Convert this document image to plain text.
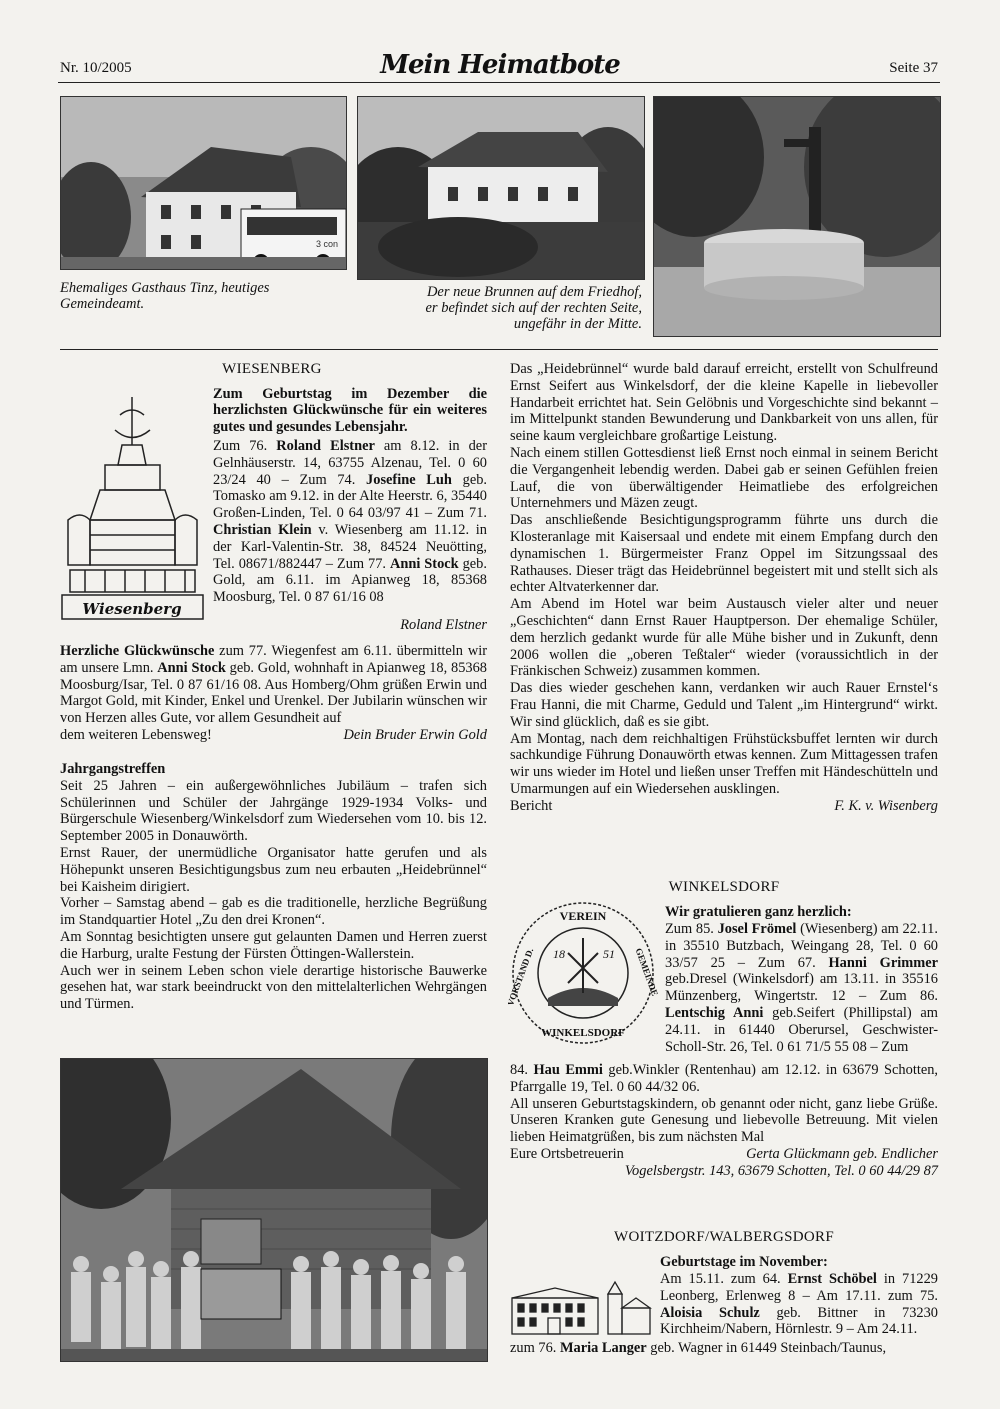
Nr. 10/2005	Mein Heimatbote	Seite 37
3 con
Ehemaliges Gasthaus Tinz, heutiges Gemeindeamt.
Der neue Brunnen auf dem Friedhof,
er befindet sich auf der rechten Seite,
ungefähr in der Mitte.
WIESENBERG
Wiesenberg
Zum Geburtstag im Dezember die herzlichsten Glückwünsche für ein weiteres gutes und gesundes Lebensjahr.
Zum 76. Roland Elstner am 8.12. in der Gelnhäuserstr. 14, 63755 Alzenau, Tel. 0 60 23/24 40 – Zum 74. Josefine Luh geb. Tomasko am 9.12. in der Alte Heerstr. 6, 35440 Großen-Linden, Tel. 0 64 03/97 41 – Zum 71. Christian Klein v. Wiesenberg am 11.12. in der Karl-Valentin-Str. 38, 84524 Neuötting, Tel. 08671/882447 – Zum 77. Anni Stock geb. Gold, am 6.11. im Apianweg 18, 85368 Moosburg, Tel. 0 87 61/16 08
Roland Elstner
Herzliche Glückwünsche zum 77. Wiegenfest am 6.11. übermitteln wir am unsere Lmn. Anni Stock geb. Gold, wohnhaft in Apianweg 18, 85368 Moosburg/Isar, Tel. 0 87 61/16 08. Aus Homberg/Ohm grüßen Erwin und Margot Gold, mit Kinder, Enkel und Urenkel. Der Jubilarin wünschen wir von Herzen alles Gute, vor allem Gesundheit auf
dem weiteren Lebensweg!	Dein Bruder Erwin Gold
Jahrgangstreffen

Seit 25 Jahren – ein außergewöhnliches Jubiläum – trafen sich Schülerinnen und Schüler der Jahrgänge 1929-1934 Volks- und Bürgerschule Wiesenberg/Winkelsdorf zum Wiedersehen vom 10. bis 12. September 2005 in Donauwörth.

Ernst Rauer, der unermüdliche Organisator hatte gerufen und als Höhepunkt unseren Besichtigungsbus zum neu erbauten „Heidebrünnel“ bei Kaisheim dirigiert.

Vorher – Samstag abend – gab es die traditionelle, herzliche Begrüßung im Standquartier Hotel „Zu den drei Kronen“.

Am Sonntag besichtigten unsere gut gelaunten Damen und Herren zuerst die Harburg, uralte Festung der Fürsten Öttingen-Wallerstein.

Auch wer in seinem Leben schon viele derartige historische Bauwerke gesehen hat, war stark beeindruckt von den mittelalterlichen Wehrgängen und Türmen.

Das „Heidebrünnel“ wurde bald darauf erreicht, erstellt von Schulfreund Ernst Seifert aus Winkelsdorf, der die kleine Kapelle in liebevoller Handarbeit errichtet hat. Sein Gelöbnis und Vorgeschichte sind bekannt – im Mittelpunkt standen Bewunderung und Dankbarkeit von uns allen, für seine kaum vergleichbare großartige Leistung.

Nach einem stillen Gottesdienst ließ Ernst noch einmal in seinem Bericht die Vergangenheit lebendig werden. Dabei gab er seinen Gefühlen freien Lauf, die von überwältigender Heimatliebe des erfolgreichen Unternehmers und Mäzen zeugt.

Das anschließende Besichtigungsprogramm führte uns durch die Klosteranlage mit Kaisersaal und endete mit einem Empfang durch den dynamischen 1. Bürgermeister Franz Oppel im Sitzungssaal des Rathauses. Dieser trägt das Heidebrünnel begeistert mit und stellt sich als echter Altvaterkenner dar.

Am Abend im Hotel war beim Austausch vieler alter und neuer „Geschichten“ dann Ernst Rauer Hauptperson. Der ehemalige Schüler, dem herzlich gedankt wurde für alle Mühe bisher und in Zukunft, denn 2006 wollen die „oberen Teßtaler“ wieder (voraussichtlich in der Fränkischen Schweiz) zusammen kommen.

Das dies wieder geschehen kann, verdanken wir auch Rauer Ernstel‘s Frau Hanni, die mit Charme, Geduld und Talent „im Hintergrund“ wirkt. Wir sind glücklich, daß es sie gibt.

Am Montag, nach dem reichhaltigen Frühstücksbuffet lernten wir durch sachkundige Führung Donauwörth etwas kennen. Zum Mittagessen trafen wir uns wieder im Hotel und ließen unser Treffen mit Händeschütteln und Umarmungen auf ein Wiedersehen ausklingen.

Bericht	F. K. v. Wisenberg
WINKELSDORF
VEREIN
VORSTAND D.	GEMEINDE
WINKELSDORF
18	51
Wir gratulieren ganz herzlich:
Zum 85. Josel Frömel (Wiesenberg) am 22.11. in 35510 Butzbach, Weingang 28, Tel. 0 60 33/57 25 – Zum 67. Hanni Grimmer geb.Dresel (Winkelsdorf) am 13.11. in 35516 Münzenberg, Wingertstr. 12 – Zum 86. Lentschig Anni geb.Seifert (Phillipstal) am 24.11. in 61440 Oberursel, Geschwister-Scholl-Str. 26, Tel. 0 61 71/5 55 08 – Zum
84. Hau Emmi geb.Winkler (Rentenhau) am 12.12. in 63679 Schotten, Pfarrgalle 19, Tel. 0 60 44/32 06.

All unseren Geburtstagskindern, ob genannt oder nicht, ganz liebe Grüße. Unseren Kranken gute Genesung und liebevolle Betreuung. Mit vielen lieben Heimatgrüßen, bis zum nächsten Mal

Eure Ortsbetreuerin	Gerta Glückmann geb. Endlicher
Vogelsbergstr. 143, 63679 Schotten, Tel. 0 60 44/29 87
WOITZDORF/WALBERGSDORF
Geburtstage im November:
Am 15.11. zum 64. Ernst Schöbel in 71229 Leonberg, Erlenweg 8 – Am 17.11. zum 75. Aloisia Schulz geb. Bittner in 73230 Kirchheim/Nabern, Hörnlestr. 9 – Am 24.11.
zum 76. Maria Langer geb. Wagner in 61449 Steinbach/Taunus,
